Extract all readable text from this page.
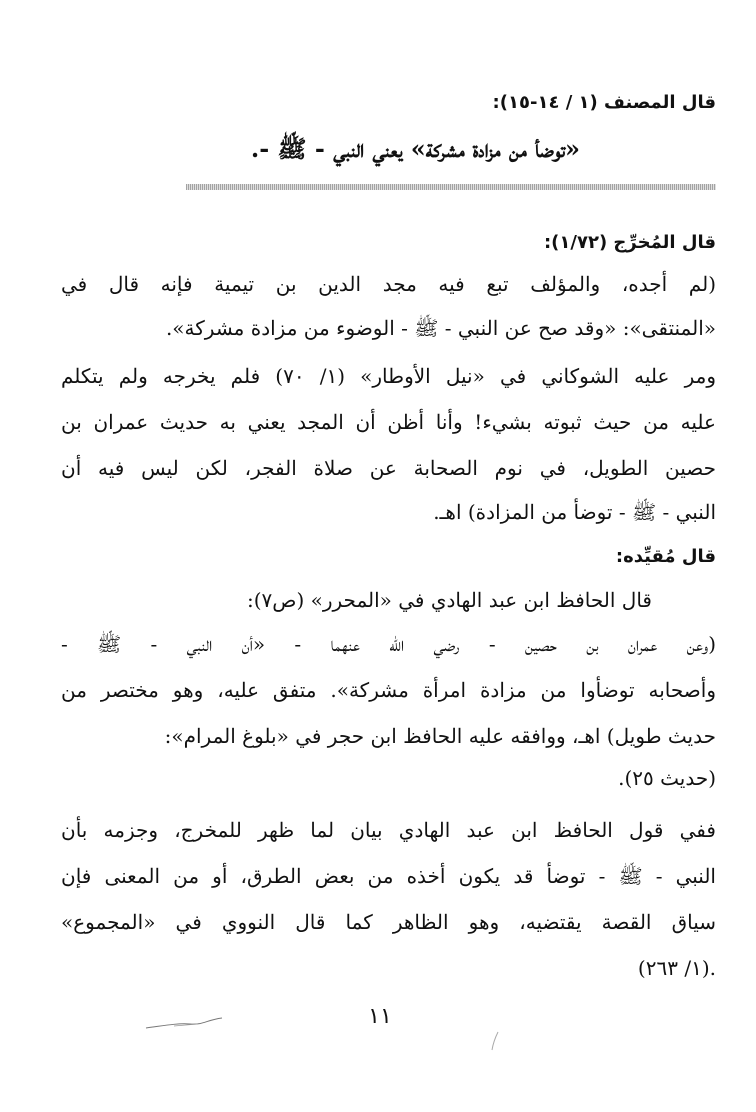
قال المصنف (١ / ١٤-١٥):
«توضأ من مزادة مشركة» يعني النبي - ﷺ -.
قال المُخرِّج (١/٧٢):
(لم أجده، والمؤلف تبع فيه مجد الدين بن تيمية فإنه قال في
«المنتقى»: «وقد صح عن النبي - ﷺ - الوضوء من مزادة مشركة».
ومر عليه الشوكاني في «نيل الأوطار» (١/ ٧٠) فلم يخرجه ولم يتكلم
عليه من حيث ثبوته بشيء! وأنا أظن أن المجد يعني به حديث عمران بن
حصين الطويل، في نوم الصحابة عن صلاة الفجر، لكن ليس فيه أن
النبي - ﷺ - توضأ من المزادة) اهـ.
قال مُقيِّده:
قال الحافظ ابن عبد الهادي في «المحرر» (ص٧):
(وعن عمران بن حصين - رضي الله عنهما - «أن النبي - ﷺ -
وأصحابه توضأوا من مزادة امرأة مشركة». متفق عليه، وهو مختصر من
حديث طويل) اهـ، ووافقه عليه الحافظ ابن حجر في «بلوغ المرام»:
(حديث ٢٥).
ففي قول الحافظ ابن عبد الهادي بيان لما ظهر للمخرج، وجزمه بأن
النبي - ﷺ - توضأ قد يكون أخذه من بعض الطرق، أو من المعنى فإن
سياق القصة يقتضيه، وهو الظاهر كما قال النووي في «المجموع»
(١/ ٢٦٣).
١١
